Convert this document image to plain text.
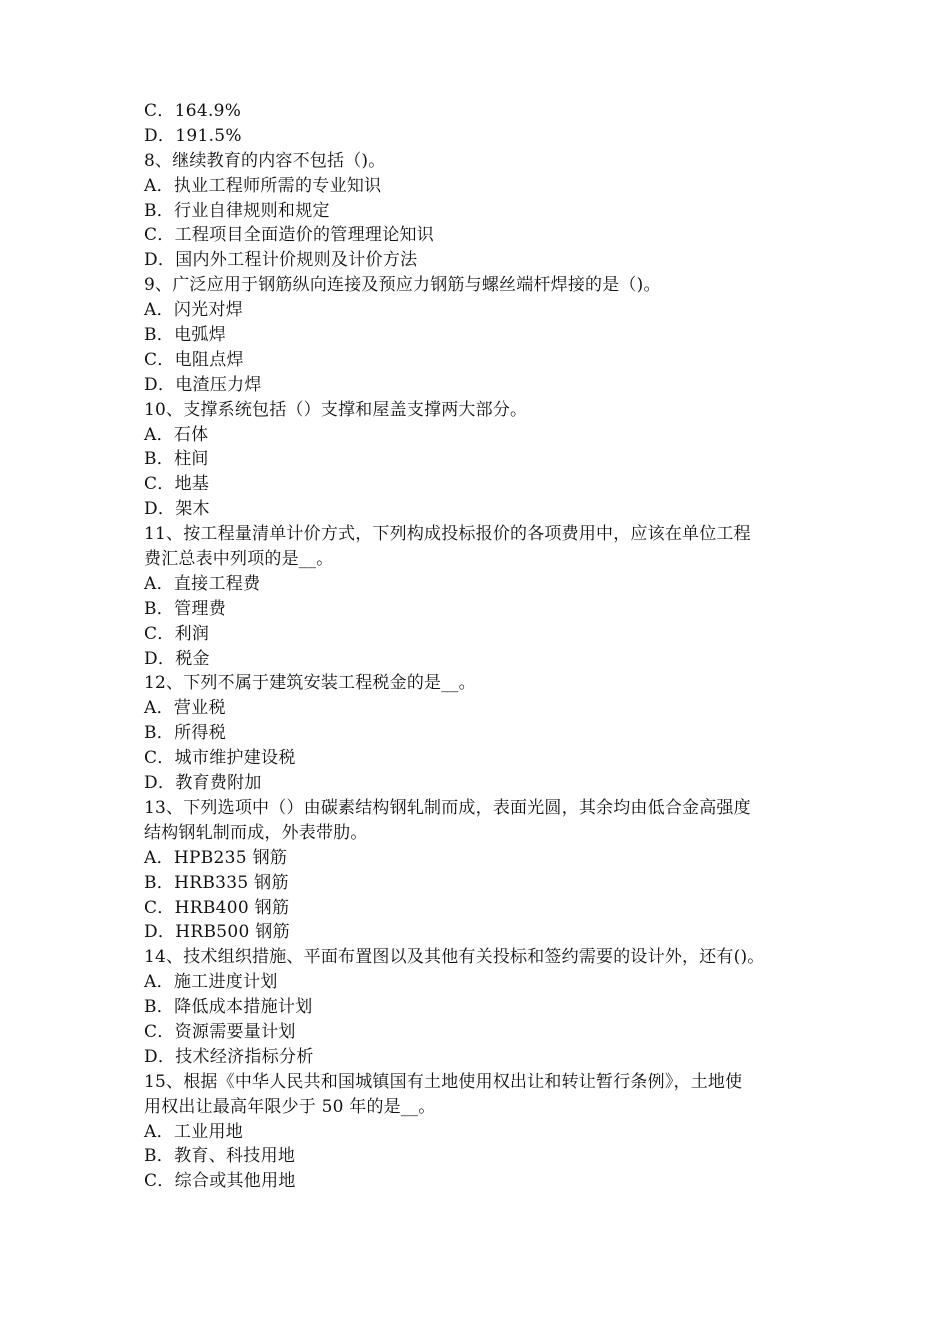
C．164.9%
D．191.5%
8、继续教育的内容不包括（)。
A．执业工程师所需的专业知识
B．行业自律规则和规定
C．工程项目全面造价的管理理论知识
D．国内外工程计价规则及计价方法
9、广泛应用于钢筋纵向连接及预应力钢筋与螺丝端杆焊接的是（)。
A．闪光对焊
B．电弧焊
C．电阻点焊
D．电渣压力焊
10、支撑系统包括（）支撑和屋盖支撑两大部分。
A．石体
B．柱间
C．地基
D．架木
11、按工程量清单计价方式，下列构成投标报价的各项费用中，应该在单位工程
费汇总表中列项的是__。
A．直接工程费
B．管理费
C．利润
D．税金
12、下列不属于建筑安装工程税金的是__。
A．营业税
B．所得税
C．城市维护建设税
D．教育费附加
13、下列选项中（）由碳素结构钢轧制而成，表面光圆，其余均由低合金高强度
结构钢轧制而成，外表带肋。
A．HPB235 钢筋
B．HRB335 钢筋
C．HRB400 钢筋
D．HRB500 钢筋
14、技术组织措施、平面布置图以及其他有关投标和签约需要的设计外，还有()。
A．施工进度计划
B．降低成本措施计划
C．资源需要量计划
D．技术经济指标分析
15、根据《中华人民共和国城镇国有土地使用权出让和转让暂行条例》，土地使
用权出让最高年限少于 50 年的是__。
A．工业用地
B．教育、科技用地
C．综合或其他用地
